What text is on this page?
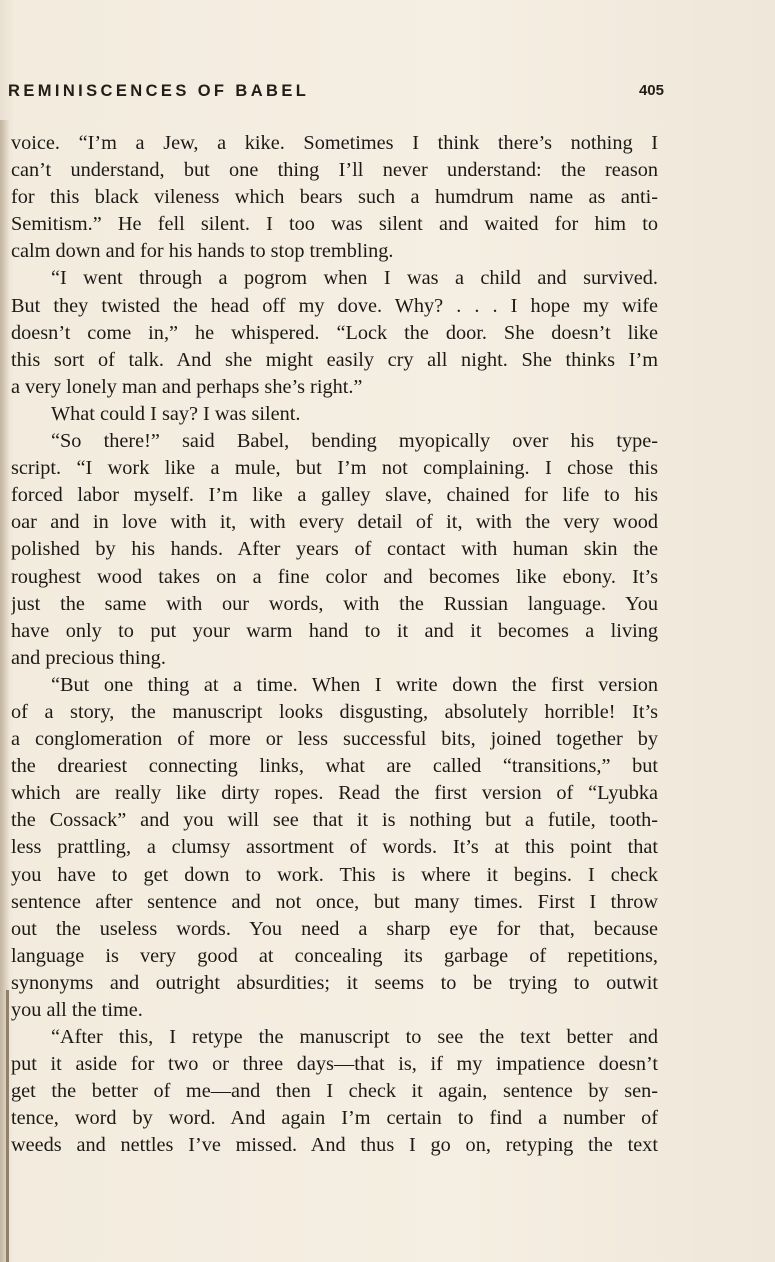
REMINISCENCES OF BABEL	405
voice. “I’m a Jew, a kike. Sometimes I think there’s nothing I
can’t understand, but one thing I’ll never understand: the reason
for this black vileness which bears such a humdrum name as anti-
Semitism.” He fell silent. I too was silent and waited for him to
calm down and for his hands to stop trembling.
“I went through a pogrom when I was a child and survived.
But they twisted the head off my dove. Why? . . . I hope my wife
doesn’t come in,” he whispered. “Lock the door. She doesn’t like
this sort of talk. And she might easily cry all night. She thinks I’m
a very lonely man and perhaps she’s right.”
What could I say? I was silent.
“So there!” said Babel, bending myopically over his type-
script. “I work like a mule, but I’m not complaining. I chose this
forced labor myself. I’m like a galley slave, chained for life to his
oar and in love with it, with every detail of it, with the very wood
polished by his hands. After years of contact with human skin the
roughest wood takes on a fine color and becomes like ebony. It’s
just the same with our words, with the Russian language. You
have only to put your warm hand to it and it becomes a living
and precious thing.
“But one thing at a time. When I write down the first version
of a story, the manuscript looks disgusting, absolutely horrible! It’s
a conglomeration of more or less successful bits, joined together by
the dreariest connecting links, what are called “transitions,” but
which are really like dirty ropes. Read the first version of “Lyubka
the Cossack” and you will see that it is nothing but a futile, tooth-
less prattling, a clumsy assortment of words. It’s at this point that
you have to get down to work. This is where it begins. I check
sentence after sentence and not once, but many times. First I throw
out the useless words. You need a sharp eye for that, because
language is very good at concealing its garbage of repetitions,
synonyms and outright absurdities; it seems to be trying to outwit
you all the time.
“After this, I retype the manuscript to see the text better and
put it aside for two or three days—that is, if my impatience doesn’t
get the better of me—and then I check it again, sentence by sen-
tence, word by word. And again I’m certain to find a number of
weeds and nettles I’ve missed. And thus I go on, retyping the text
